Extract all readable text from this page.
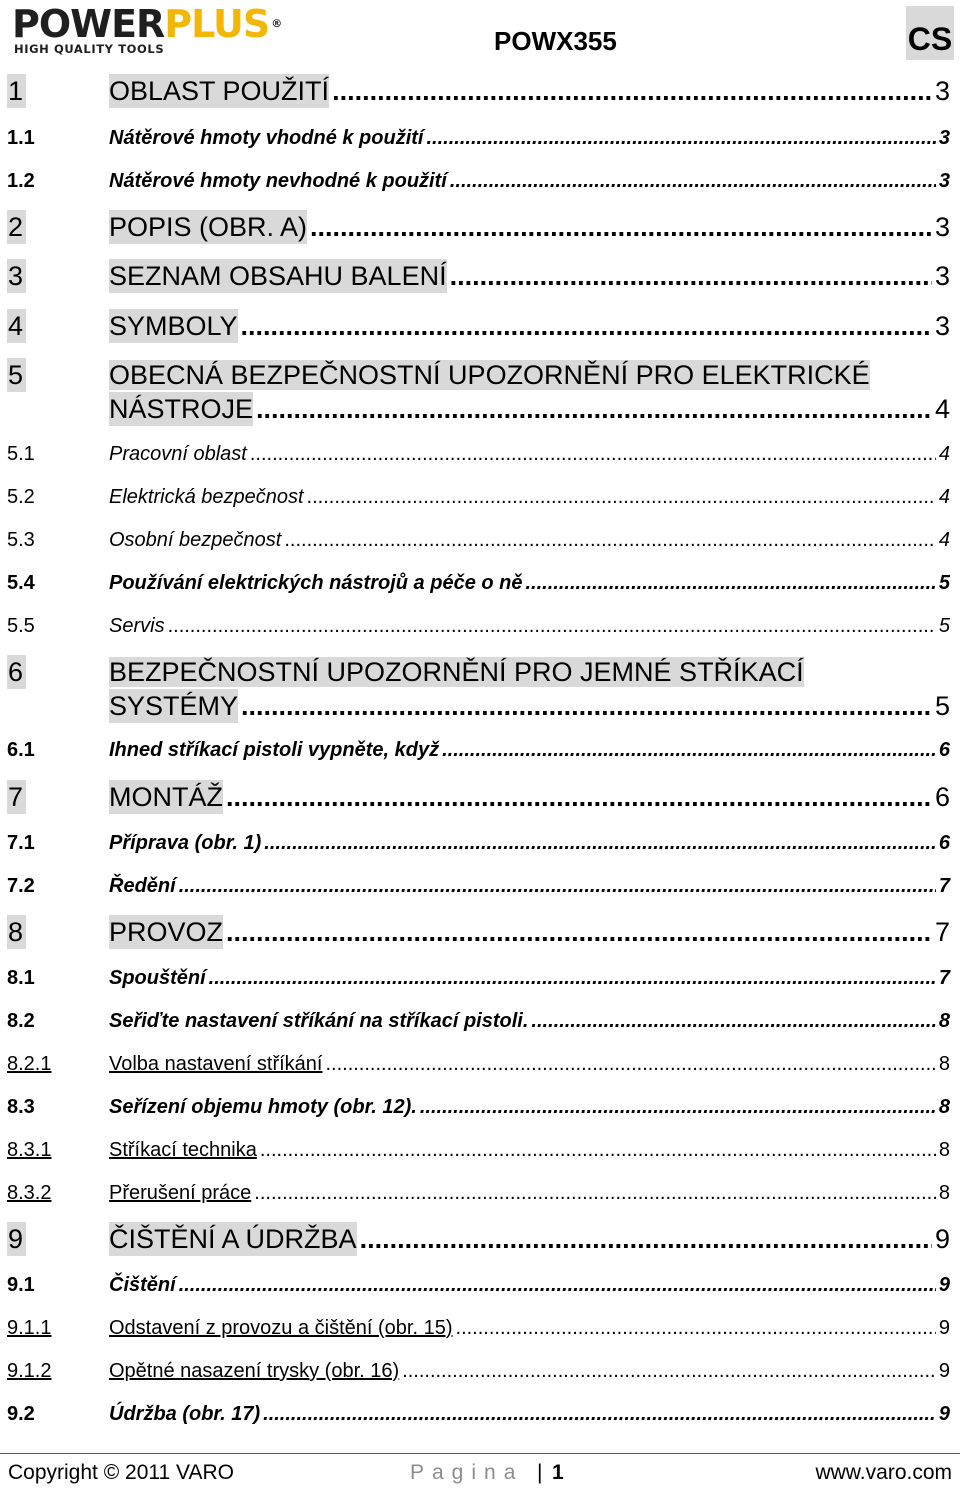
POWERPLUS ®
HIGH QUALITY TOOLS	POWX355	CS
1	OBLAST POUŽITÍ .....	3
1.1	Nátěrové hmoty vhodné k použití .....	3
1.2	Nátěrové hmoty nevhodné k použití .....	3
2	POPIS (OBR. A) .....	3
3	SEZNAM OBSAHU BALENÍ .....	3
4	SYMBOLY .....	3
5	OBECNÁ BEZPEČNOSTNÍ UPOZORNĚNÍ PRO ELEKTRICKÉ
NÁSTROJE .....	4
5.1	Pracovní oblast .....	4
5.2	Elektrická bezpečnost .....	4
5.3	Osobní bezpečnost .....	4
5.4	Používání elektrických nástrojů a péče o ně .....	5
5.5	Servis .....	5
6	BEZPEČNOSTNÍ UPOZORNĚNÍ PRO JEMNÉ STŘÍKACÍ
SYSTÉMY .....	5
6.1	Ihned stříkací pistoli vypněte, když .....	6
7	MONTÁŽ .....	6
7.1	Příprava (obr. 1) .....	6
7.2	Ředění .....	7
8	PROVOZ .....	7
8.1	Spouštění .....	7
8.2	Seřiďte nastavení stříkání na stříkací pistoli. .....	8
8.2.1	Volba nastavení stříkání .....	8
8.3	Seřízení objemu hmoty (obr. 12). .....	8
8.3.1	Stříkací technika .....	8
8.3.2	Přerušení práce .....	8
9	ČIŠTĚNÍ A ÚDRŽBA .....	9
9.1	Čištění .....	9
9.1.1	Odstavení z provozu a čištění (obr. 15) .....	9
9.1.2	Opětné nasazení trysky (obr. 16) .....	9
9.2	Údržba (obr. 17) .....	9
Copyright © 2011 VARO	Pagina | 1	www.varo.com
